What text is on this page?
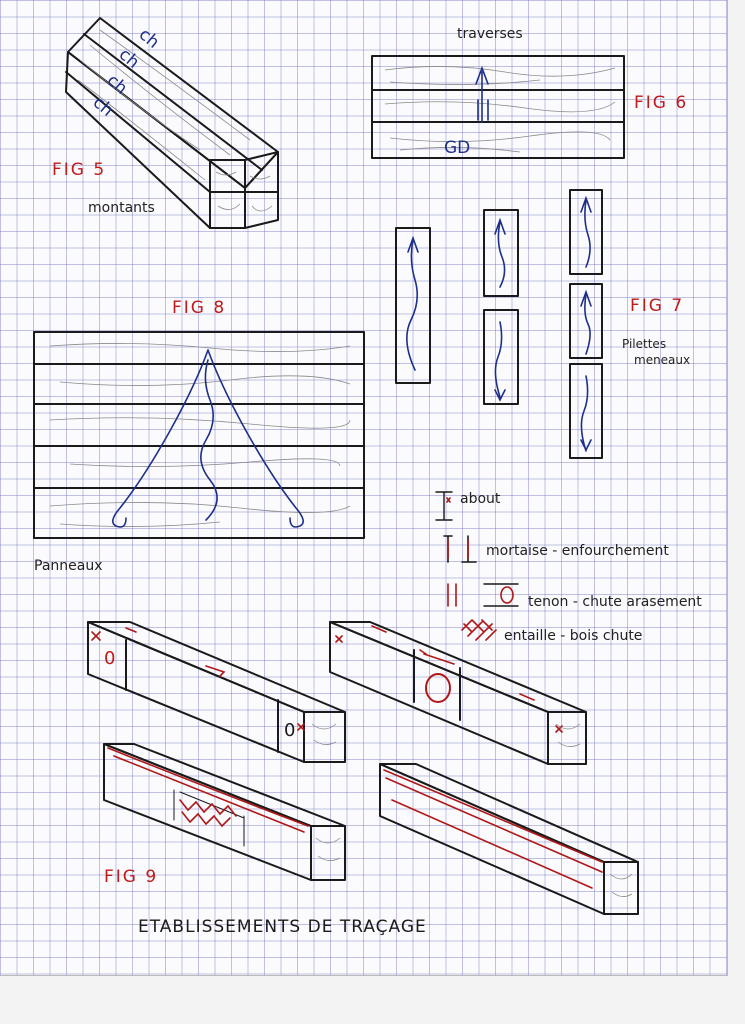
ch
ch
ch
ch
FIG 5
montants
traverses
GD
FIG 6
FIG 7
Pilettes
meneaux
FIG 8
Panneaux
about
mortaise - enfourchement
tenon - chute arasement
entaille - bois chute
0
0
FIG 9
ETABLISSEMENTS DE TRAÇAGE
